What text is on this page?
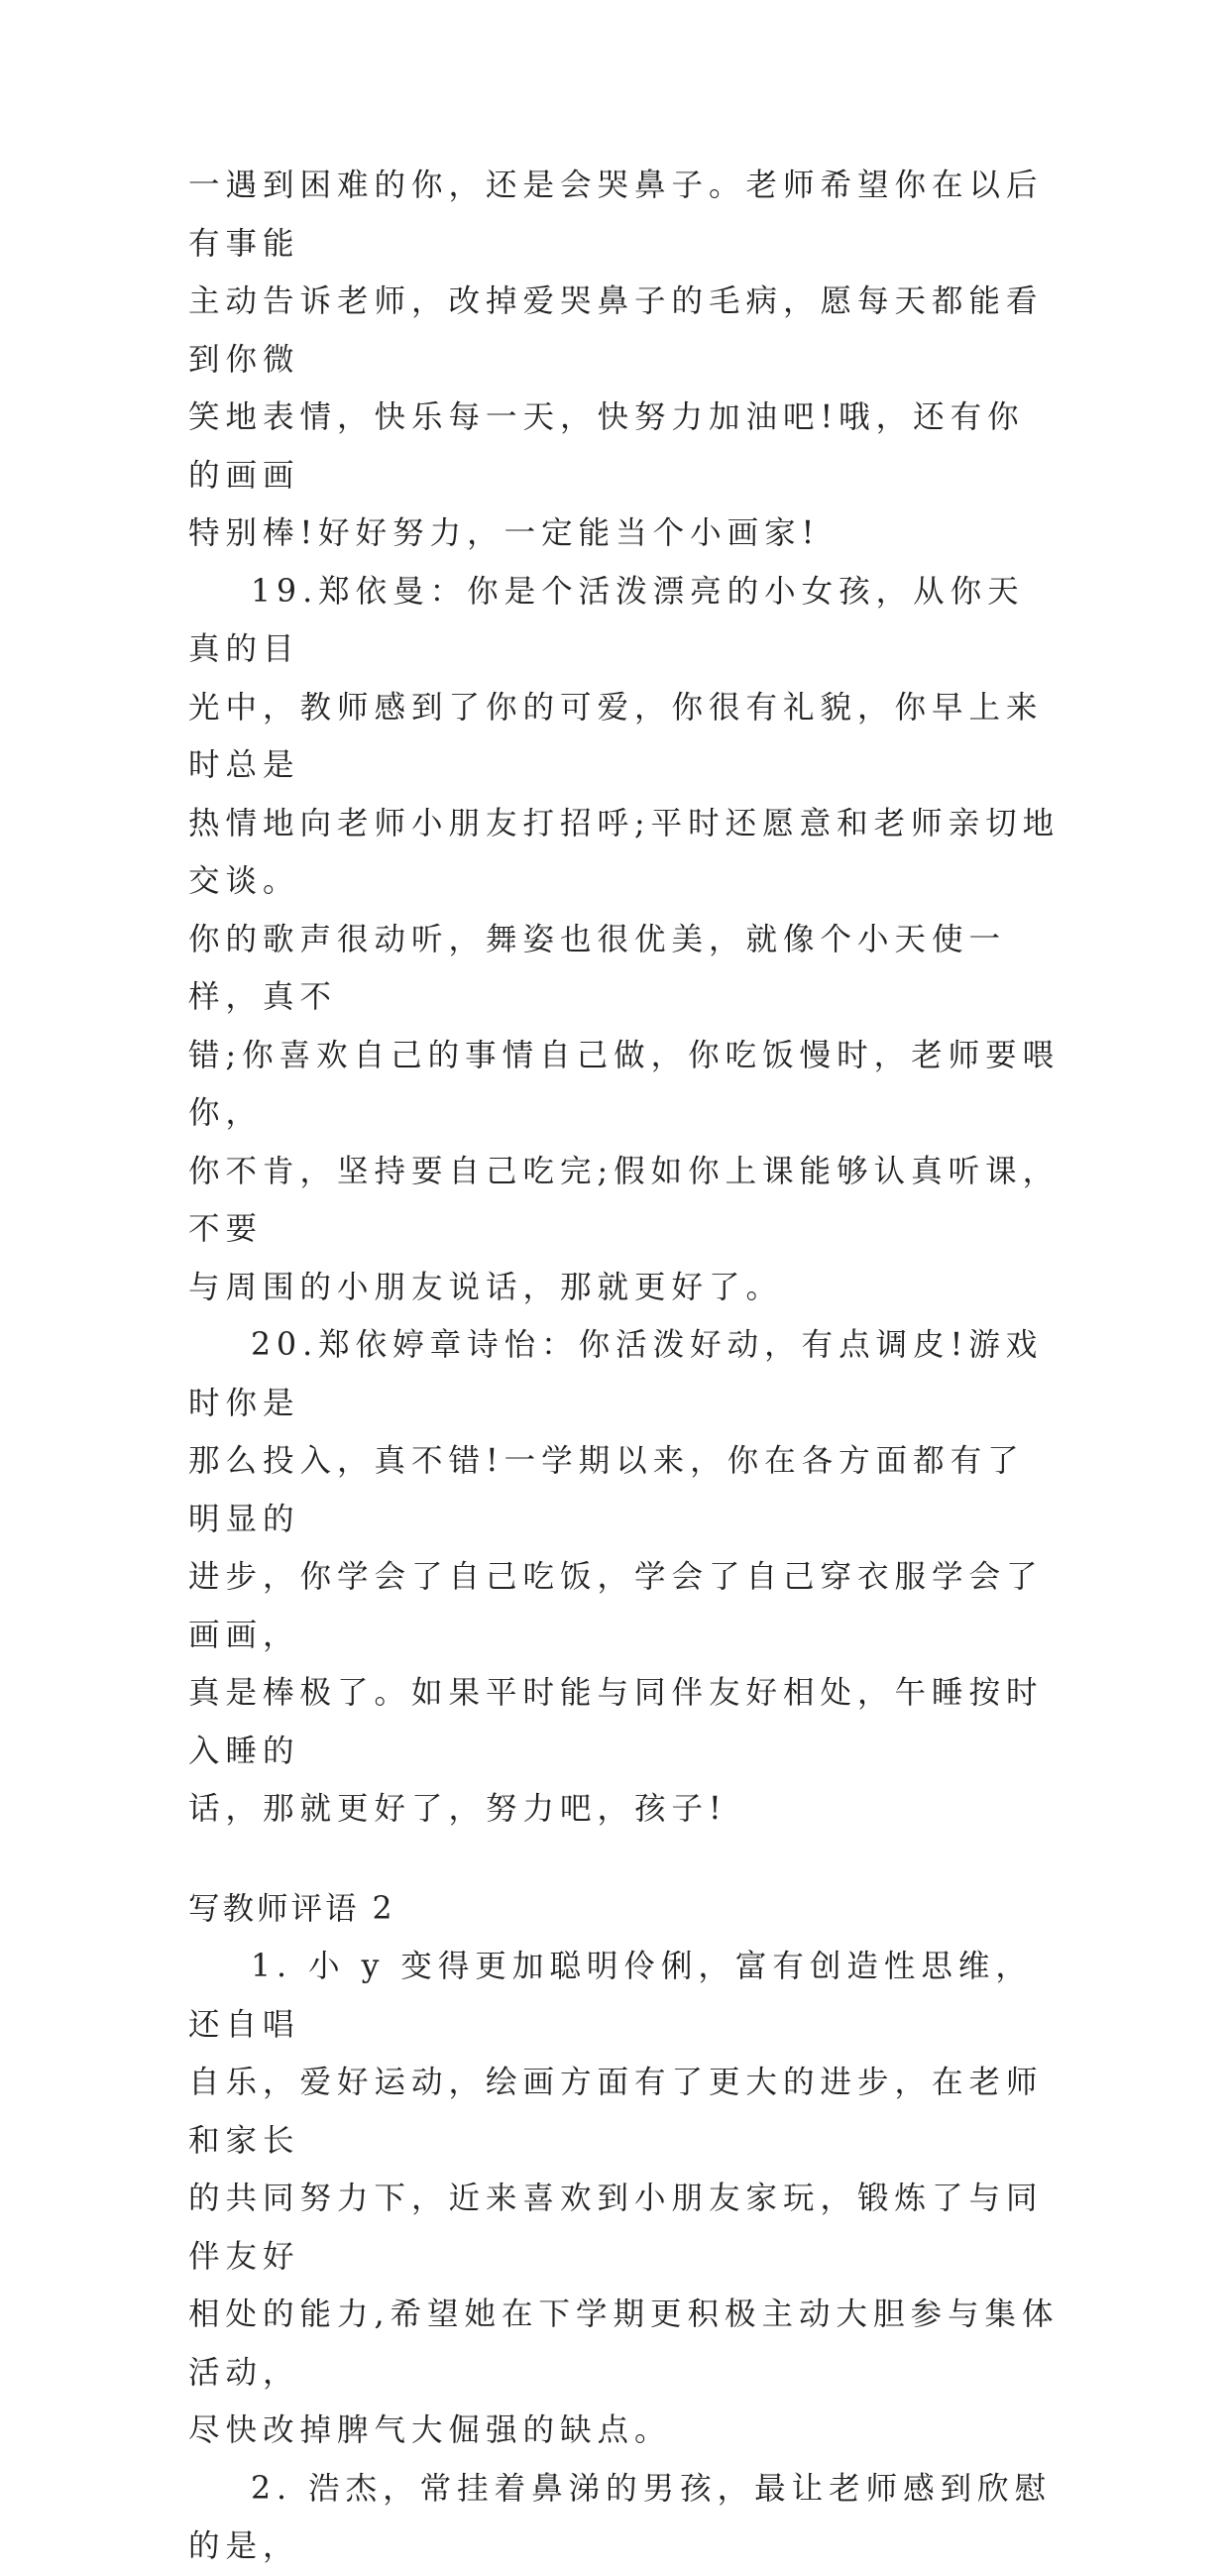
一遇到困难的你，还是会哭鼻子。老师希望你在以后有事能
主动告诉老师，改掉爱哭鼻子的毛病，愿每天都能看到你微
笑地表情，快乐每一天，快努力加油吧!哦，还有你的画画
特别棒!好好努力，一定能当个小画家!

19.郑依曼：你是个活泼漂亮的小女孩，从你天真的目
光中，教师感到了你的可爱，你很有礼貌，你早上来时总是
热情地向老师小朋友打招呼;平时还愿意和老师亲切地交谈。
你的歌声很动听，舞姿也很优美，就像个小天使一样，真不
错;你喜欢自己的事情自己做，你吃饭慢时，老师要喂你，
你不肯，坚持要自己吃完;假如你上课能够认真听课，不要
与周围的小朋友说话，那就更好了。

20.郑依婷章诗怡：你活泼好动，有点调皮!游戏时你是
那么投入，真不错!一学期以来，你在各方面都有了明显的
进步，你学会了自己吃饭，学会了自己穿衣服学会了画画，
真是棒极了。如果平时能与同伴友好相处，午睡按时入睡的
话，那就更好了，努力吧，孩子!

写教师评语 2

1. 小 y 变得更加聪明伶俐，富有创造性思维，还自唱
自乐，爱好运动，绘画方面有了更大的进步，在老师和家长
的共同努力下，近来喜欢到小朋友家玩，锻炼了与同伴友好
相处的能力,希望她在下学期更积极主动大胆参与集体活动，
尽快改掉脾气大倔强的缺点。

2. 浩杰，常挂着鼻涕的男孩，最让老师感到欣慰的是，
